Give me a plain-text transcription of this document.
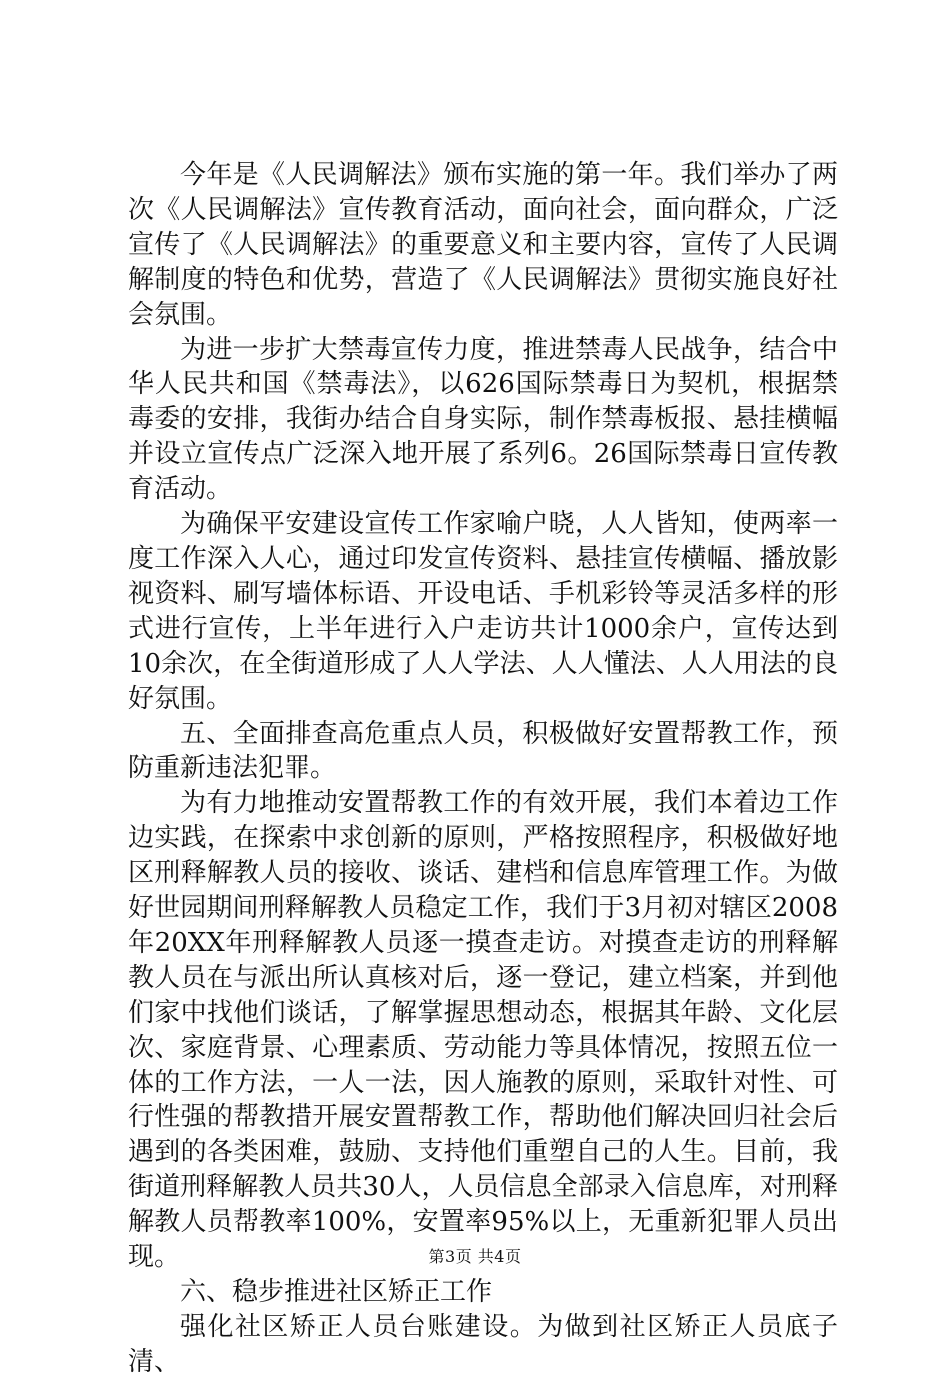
今年是《人民调解法》颁布实施的第一年。我们举办了两次《人民调解法》宣传教育活动，面向社会，面向群众，广泛宣传了《人民调解法》的重要意义和主要内容，宣传了人民调解制度的特色和优势，营造了《人民调解法》贯彻实施良好社会氛围。

为进一步扩大禁毒宣传力度，推进禁毒人民战争，结合中华人民共和国《禁毒法》，以626国际禁毒日为契机，根据禁毒委的安排，我街办结合自身实际，制作禁毒板报、悬挂横幅并设立宣传点广泛深入地开展了系列6。26国际禁毒日宣传教育活动。

为确保平安建设宣传工作家喻户晓，人人皆知，使两率一度工作深入人心，通过印发宣传资料、悬挂宣传横幅、播放影视资料、刷写墙体标语、开设电话、手机彩铃等灵活多样的形式进行宣传，上半年进行入户走访共计1000余户，宣传达到10余次，在全街道形成了人人学法、人人懂法、人人用法的良好氛围。

五、全面排查高危重点人员，积极做好安置帮教工作，预防重新违法犯罪。

为有力地推动安置帮教工作的有效开展，我们本着边工作边实践，在探索中求创新的原则，严格按照程序，积极做好地区刑释解教人员的接收、谈话、建档和信息库管理工作。为做好世园期间刑释解教人员稳定工作，我们于3月初对辖区2008年20XX年刑释解教人员逐一摸查走访。对摸查走访的刑释解教人员在与派出所认真核对后，逐一登记，建立档案，并到他们家中找他们谈话，了解掌握思想动态，根据其年龄、文化层次、家庭背景、心理素质、劳动能力等具体情况，按照五位一体的工作方法，一人一法，因人施教的原则，采取针对性、可行性强的帮教措开展安置帮教工作，帮助他们解决回归社会后遇到的各类困难，鼓励、支持他们重塑自己的人生。目前，我街道刑释解教人员共30人，人员信息全部录入信息库，对刑释解教人员帮教率100%，安置率95%以上，无重新犯罪人员出现。

六、稳步推进社区矫正工作

强化社区矫正人员台账建设。为做到社区矫正人员底子清、

第3页 共4页
